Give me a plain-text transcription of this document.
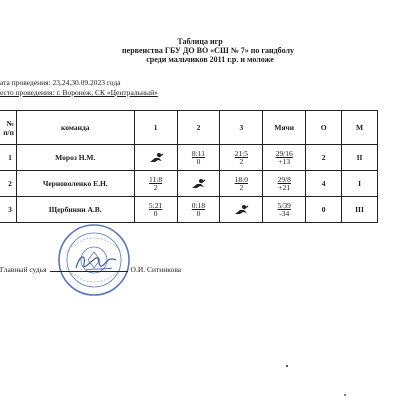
Таблица игр
первенства ГБУ ДО ВО «СШ № 7» по гандболу
среди мальчиков 2011 г.р. и моложе
ата проведения: 23,24,30.09.2023 года
есто проведения: г. Воронеж, СК «Центральный»
№
п/п	команда	1	2	3	Мячи	О	М
1	Мороз Н.М.		$\frac{8:11}{0}$	$\frac{21:5}{2}$	$\frac{29/16}{+13}$	2	II
2	Черноволенко Е.Н.	$\frac{11:8}{2}$		$\frac{18:0}{2}$	$\frac{29/8}{+21}$	4	I
3	Щербинин А.В.	$\frac{5:21}{0}$	$\frac{0:18}{0}$		$\frac{5/39}{-34}$	0	III
Главный судья	О.И. Ситникова
